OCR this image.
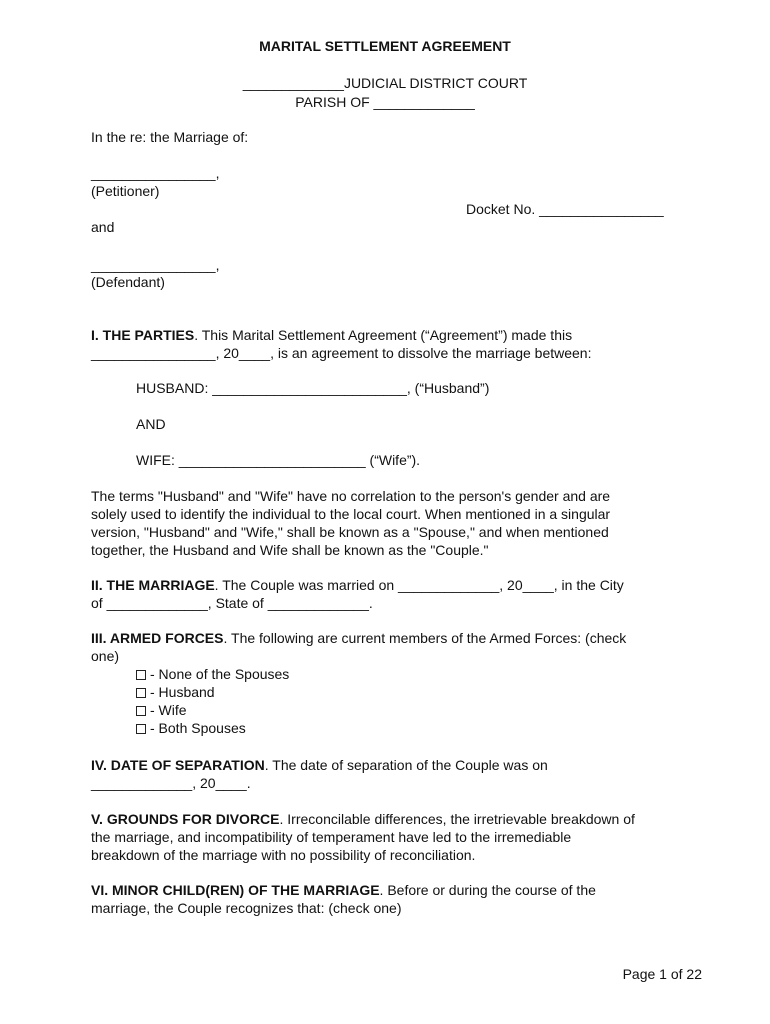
MARITAL SETTLEMENT AGREEMENT
_____________JUDICIAL DISTRICT COURT
PARISH OF _____________
In the re: the Marriage of:
________________,
(Petitioner)
Docket No. ________________
and
________________,
(Defendant)
I. THE PARTIES. This Marital Settlement Agreement (“Agreement”) made this
________________, 20____, is an agreement to dissolve the marriage between:
HUSBAND: _________________________, (“Husband”)
AND
WIFE: ________________________ (“Wife”).
The terms "Husband" and "Wife" have no correlation to the person's gender and are
solely used to identify the individual to the local court. When mentioned in a singular
version, "Husband" and "Wife," shall be known as a "Spouse," and when mentioned
together, the Husband and Wife shall be known as the "Couple."
II. THE MARRIAGE. The Couple was married on _____________, 20____, in the City
of _____________, State of _____________.
III. ARMED FORCES. The following are current members of the Armed Forces: (check
one)
- None of the Spouses
- Husband
- Wife
- Both Spouses
IV. DATE OF SEPARATION. The date of separation of the Couple was on
_____________, 20____.
V. GROUNDS FOR DIVORCE. Irreconcilable differences, the irretrievable breakdown of
the marriage, and incompatibility of temperament have led to the irremediable
breakdown of the marriage with no possibility of reconciliation.
VI. MINOR CHILD(REN) OF THE MARRIAGE. Before or during the course of the
marriage, the Couple recognizes that: (check one)
Page 1 of 22
